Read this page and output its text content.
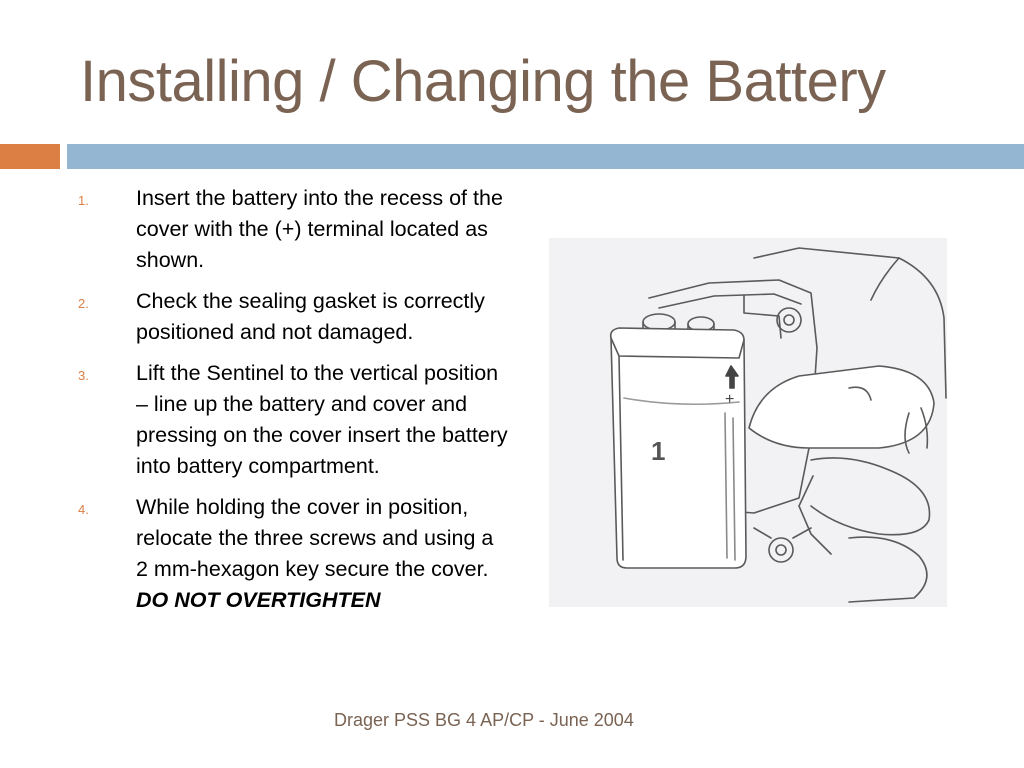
Installing / Changing the Battery
1. Insert the battery into the recess of the cover with the (+) terminal located as shown.
2. Check the sealing gasket is correctly positioned and not damaged.
3. Lift the Sentinel to the vertical position – line up the battery and cover and pressing on the cover insert the battery into battery compartment.
4. While holding the cover in position, relocate the three screws and using a 2 mm-hexagon key secure the cover.
DO NOT OVERTIGHTEN
1
+
Drager PSS BG 4 AP/CP - June 2004
